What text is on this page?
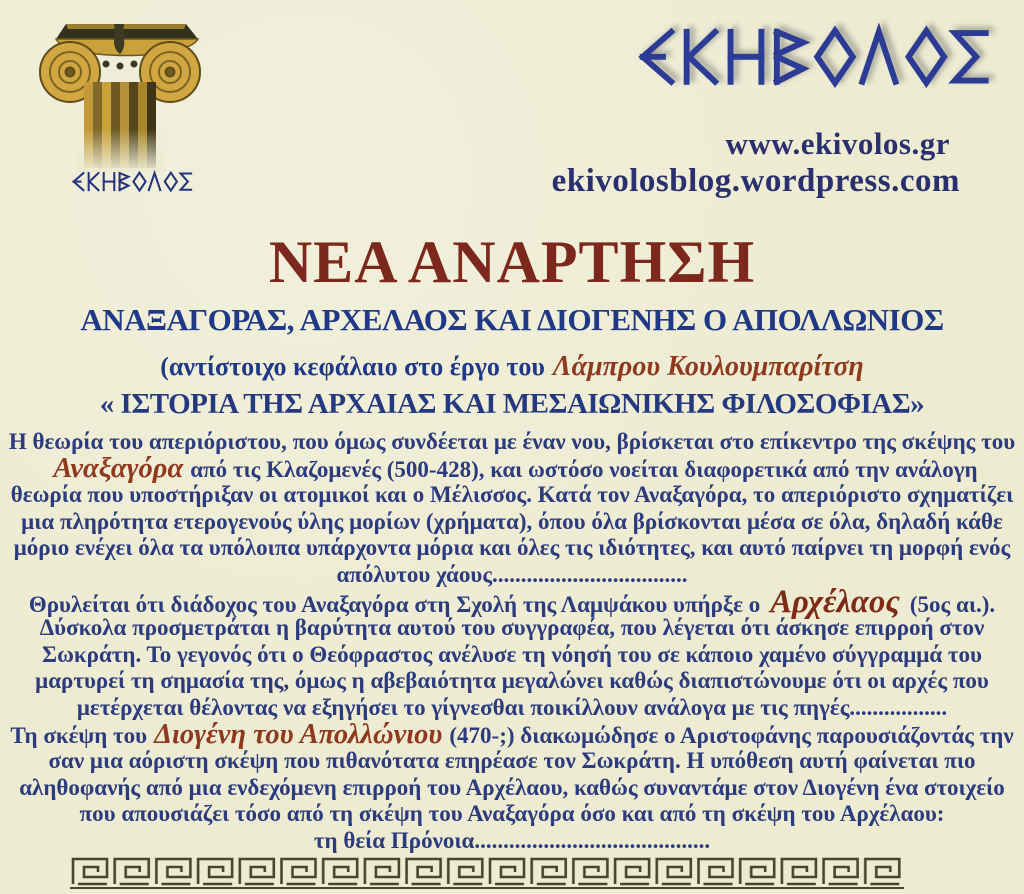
www.ekivolos.gr
ekivolosblog.wordpress.com
ΝΕΑ ΑΝΑΡΤΗΣΗ
ΑΝΑΞΑΓΟΡΑΣ, ΑΡΧΕΛΑΟΣ ΚΑΙ ΔΙΟΓΕΝΗΣ Ο ΑΠΟΛΛΩΝΙΟΣ
(αντίστοιχο κεφάλαιο στο έργο του Λάμπρου Κουλουμπαρίτση
« ΙΣΤΟΡΙΑ ΤΗΣ ΑΡΧΑΙΑΣ ΚΑΙ ΜΕΣΑΙΩΝΙΚΗΣ ΦΙΛΟΣΟΦΙΑΣ»
Η θεωρία του απεριόριστου, που όμως συνδέεται με έναν νου, βρίσκεται στο επίκεντρο της σκέψης του
Αναξαγόρα από τις Κλαζομενές (500-428), και ωστόσο νοείται διαφορετικά από την ανάλογη
θεωρία που υποστήριξαν οι ατομικοί και ο Μέλισσος. Κατά τον Αναξαγόρα, το απεριόριστο σχηματίζει
μια πληρότητα ετερογενούς ύλης μορίων (χρήματα), όπου όλα βρίσκονται μέσα σε όλα, δηλαδή κάθε
μόριο ενέχει όλα τα υπόλοιπα υπάρχοντα μόρια και όλες τις ιδιότητες, και αυτό παίρνει τη μορφή ενός
απόλυτου χάους..................................
Θρυλείται ότι διάδοχος του Αναξαγόρα στη Σχολή της Λαμψάκου υπήρξε ο Αρχέλαος (5ος αι.).
Δύσκολα προσμετράται η βαρύτητα αυτού του συγγραφέα, που λέγεται ότι άσκησε επιρροή στον
Σωκράτη. Το γεγονός ότι ο Θεόφραστος ανέλυσε τη νόησή του σε κάποιο χαμένο σύγγραμμά του
μαρτυρεί τη σημασία της, όμως η αβεβαιότητα μεγαλώνει καθώς διαπιστώνουμε ότι οι αρχές που
μετέρχεται θέλοντας να εξηγήσει το γίγνεσθαι ποικίλλουν ανάλογα με τις πηγές.................
Τη σκέψη του Διογένη του Απολλώνιου (470-;) διακωμώδησε ο Αριστοφάνης παρουσιάζοντάς την
σαν μια αόριστη σκέψη που πιθανότατα επηρέασε τον Σωκράτη. Η υπόθεση αυτή φαίνεται πιο
αληθοφανής από μια ενδεχόμενη επιρροή του Αρχέλαου, καθώς συναντάμε στον Διογένη ένα στοιχείο
που απουσιάζει τόσο από τη σκέψη του Αναξαγόρα όσο και από τη σκέψη του Αρχέλαου:
τη θεία Πρόνοια.........................................
